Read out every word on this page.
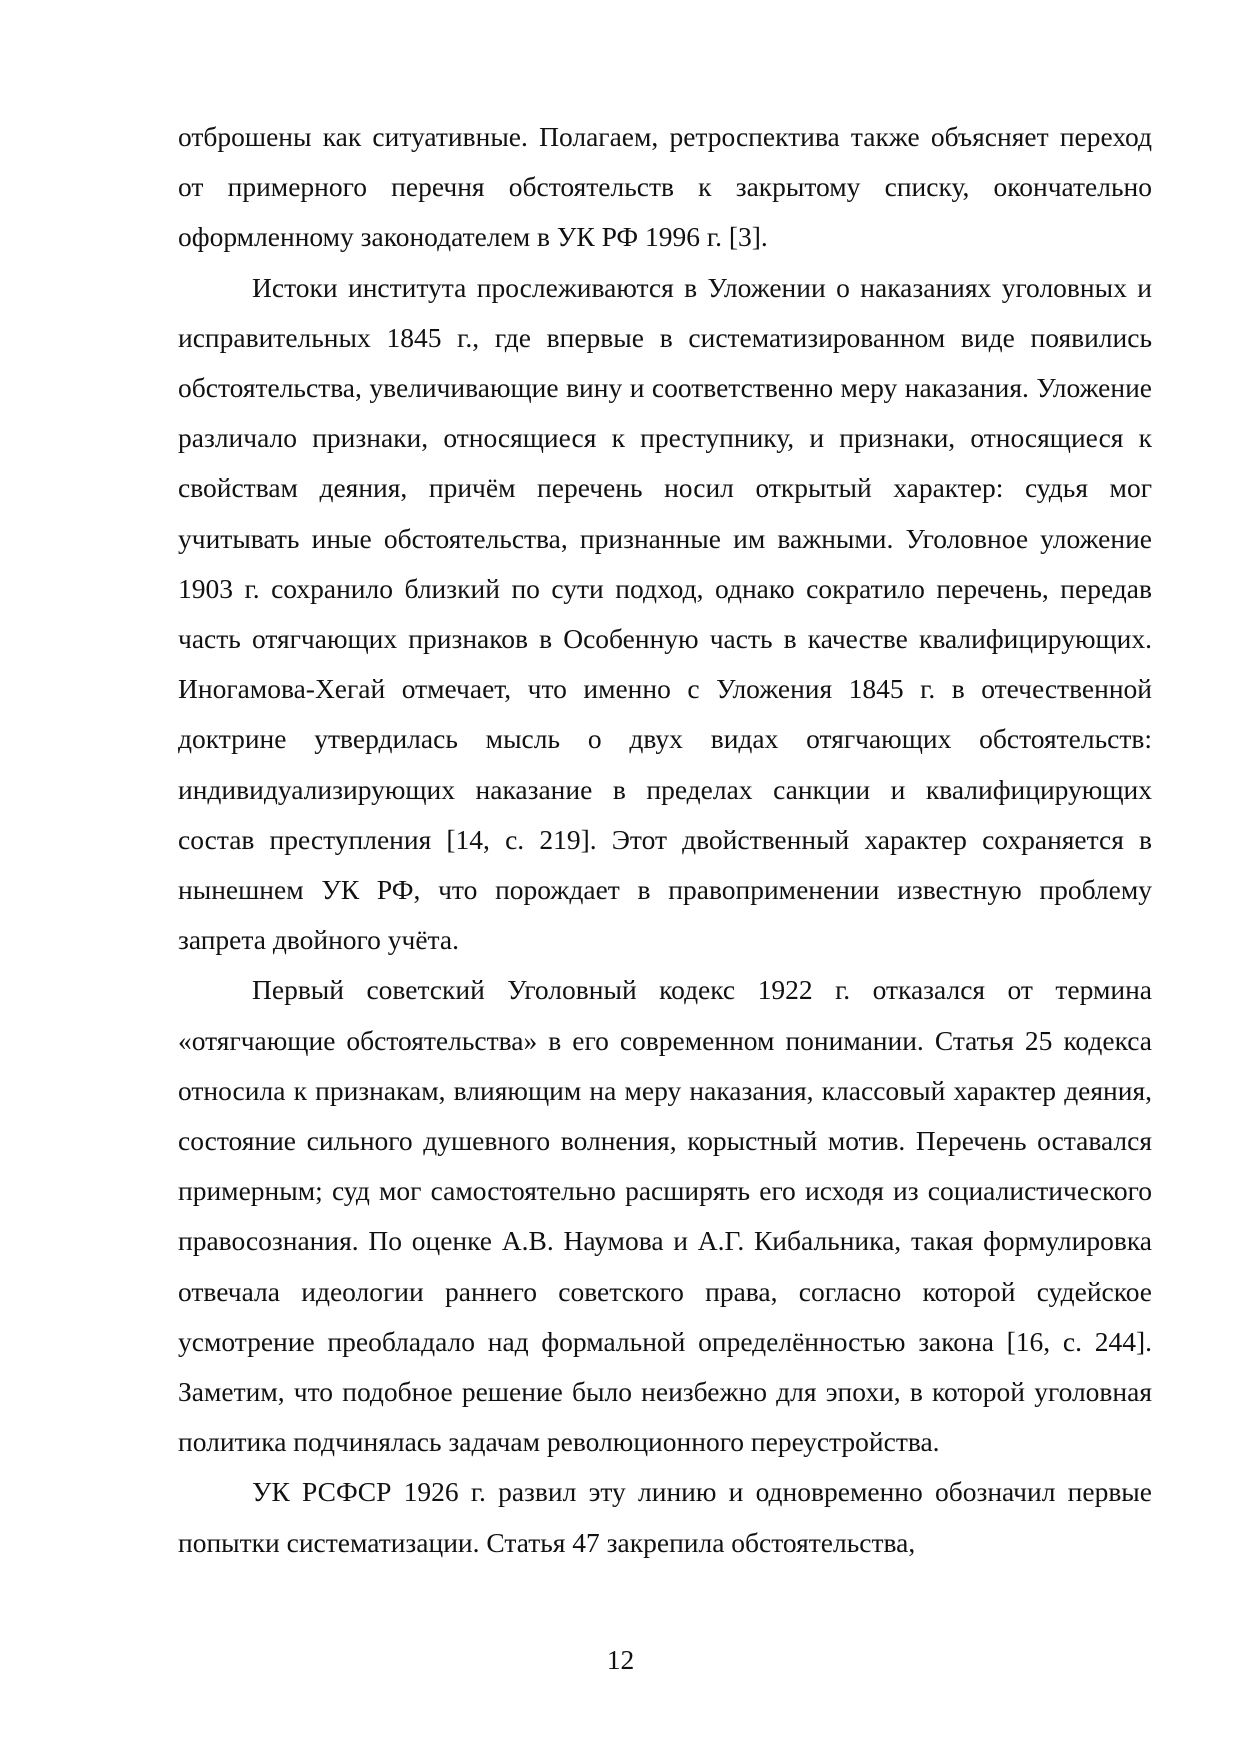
отброшены как ситуативные. Полагаем, ретроспектива также объясняет переход от примерного перечня обстоятельств к закрытому списку, окончательно оформленному законодателем в УК РФ 1996 г. [3].

Истоки института прослеживаются в Уложении о наказаниях уголовных и исправительных 1845 г., где впервые в систематизированном виде появились обстоятельства, увеличивающие вину и соответственно меру наказания. Уложение различало признаки, относящиеся к преступнику, и признаки, относящиеся к свойствам деяния, причём перечень носил открытый характер: судья мог учитывать иные обстоятельства, признанные им важными. Уголовное уложение 1903 г. сохранило близкий по сути подход, однако сократило перечень, передав часть отягчающих признаков в Особенную часть в качестве квалифицирующих. Иногамова-Хегай отмечает, что именно с Уложения 1845 г. в отечественной доктрине утвердилась мысль о двух видах отягчающих обстоятельств: индивидуализирующих наказание в пределах санкции и квалифицирующих состав преступления [14, с. 219]. Этот двойственный характер сохраняется в нынешнем УК РФ, что порождает в правоприменении известную проблему запрета двойного учёта.

Первый советский Уголовный кодекс 1922 г. отказался от термина «отягчающие обстоятельства» в его современном понимании. Статья 25 кодекса относила к признакам, влияющим на меру наказания, классовый характер деяния, состояние сильного душевного волнения, корыстный мотив. Перечень оставался примерным; суд мог самостоятельно расширять его исходя из социалистического правосознания. По оценке А.В. Наумова и А.Г. Кибальника, такая формулировка отвечала идеологии раннего советского права, согласно которой судейское усмотрение преобладало над формальной определённостью закона [16, с. 244]. Заметим, что подобное решение было неизбежно для эпохи, в которой уголовная политика подчинялась задачам революционного переустройства.

УК РСФСР 1926 г. развил эту линию и одновременно обозначил первые попытки систематизации. Статья 47 закрепила обстоятельства,

12
